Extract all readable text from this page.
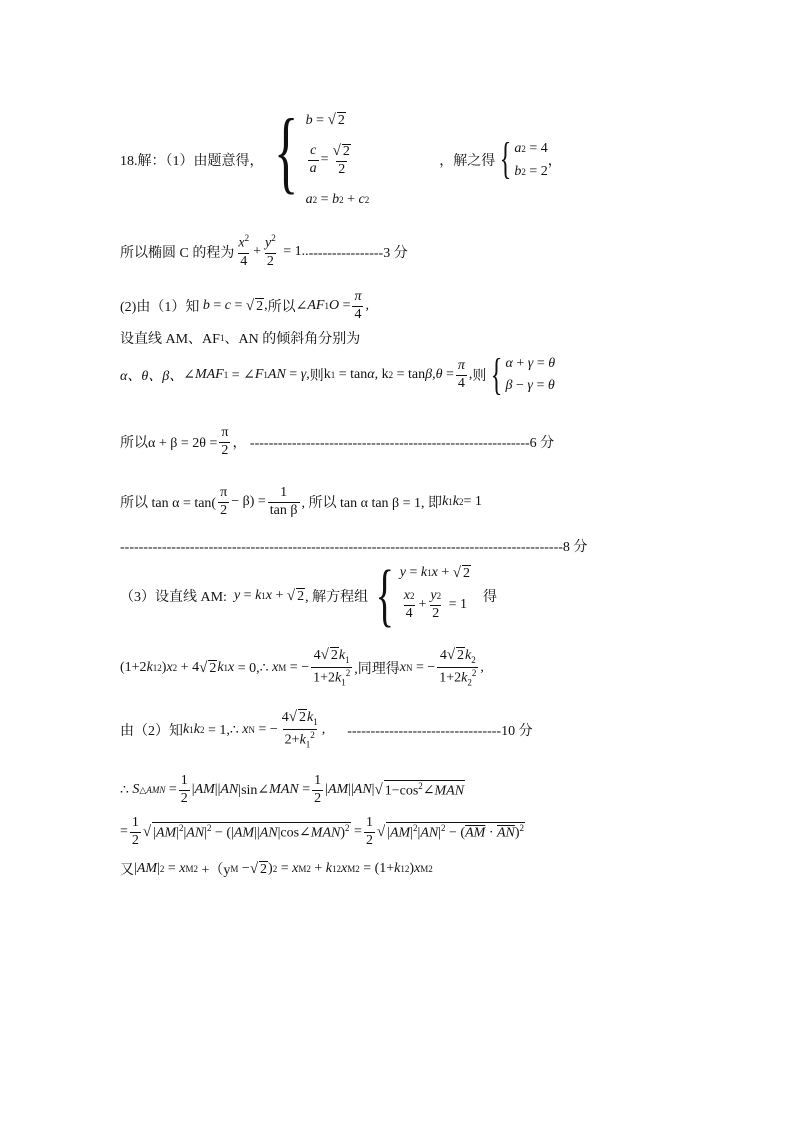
18.解：（1）由题意得， { b = √ 2
$\frac{c}{a} = \frac{√ 2}{2}$
a 2 = b 2 + c 2
，解之得 { a 2 = 4
b 2 = 2
，
所以椭圆 C 的程为 $\frac{x^2}{4} + \frac{y^2}{2} = 1$ .. ----------------3 分
(2)由（1）知
b = c = √ 2 , 所以 ∠ AF 1 $O = \frac{\pi}{4}$ ,
设直线 AM、AF 1 、AN 的倾斜角分别为
α、θ、β、 ∠ MAF 1 = ∠ F 1 AN = γ , 则 k 1 = tan α , k 2 = tan β , $\theta = \frac{\pi}{4}$ , 则 { α + γ = θ
β − γ = θ
所以$\alpha + \beta = 2\theta = \frac{\pi}{2}$ ， ------------------------------------------------------------6 分
所以 $\tan \alpha = \tan( \frac{\pi}{2} - \beta) = \frac{1}{\text{tan β}}$ , 所以 tan α tan β = 1, 即 k 1 k 2 = 1
-----------------------------------------------------------------------------------------------8 分
（3）设直线 AM:
y = k 1 x + √ 2 , 解方程组 { y = k 1 x + √ 2
$\frac{x 2}{4} + \frac{y 2}{2} = 1$ 得
(1+2 k 1 2 ) x 2 + 4 √ 2 k 1 x = 0,∴ x M = − $\frac{4√ 2k_1}{1+2k_1^2}$ ,同理得 x N = − $\frac{4√ 2k_2}{1+2k_2^2}$ ,
由（2）知 k 1 k 2 = 1,∴ x N = − $\frac{4√ 2k_1}{2+k_1^2}$ , ---------------------------------10 分
∴ S △AMN = $\frac{1}{2}$ | AM || AN |sin∠ MAN = $\frac{1}{2}$ | AM || AN | √ $1-\cos^2\angle MAN$
= $\frac{1}{2}$ √ $|AM|^2|AN|^2$ − (|AM||AN|cos∠MAN)$^2$ = $\frac{1}{2}$ √ $|AM|^2|AN|^2 - (\overline{AM} \cdot \overline{AN})^2$
又 | AM | 2 = x M 2 +（y M − √ 2 ) 2 = x M 2 + k 1 2 x M 2 = (1+ k 1 2 ) x M 2
